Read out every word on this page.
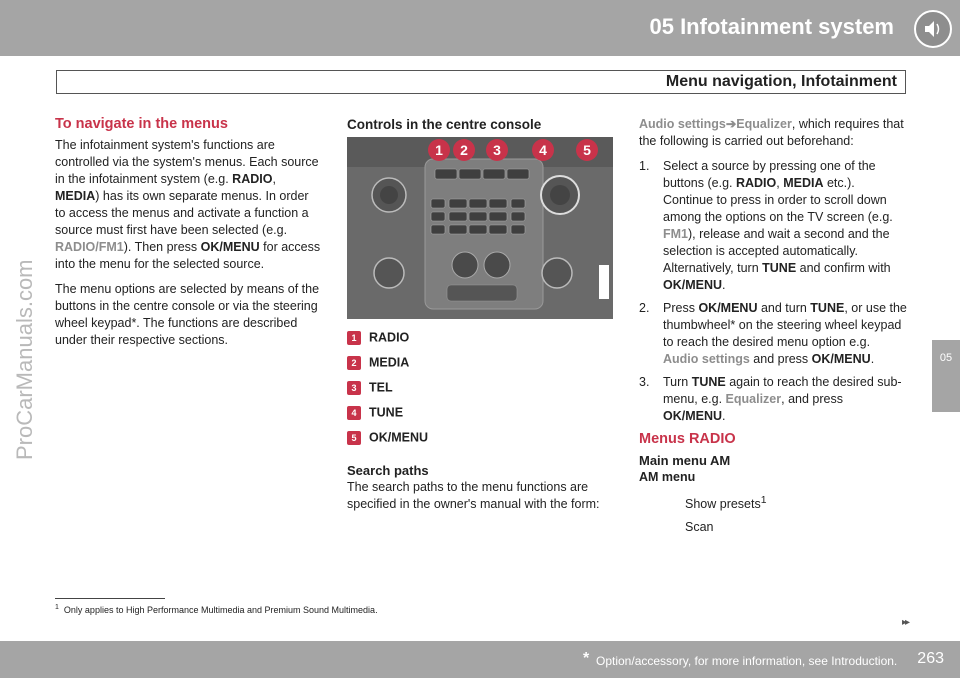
05 Infotainment system
Menu navigation, Infotainment
05
ProCarManuals.com
To navigate in the menus

The infotainment system's functions are controlled via the system's menus. Each source in the infotainment system (e.g. RADIO, MEDIA) has its own separate menus. In order to access the menus and activate a function a source must first have been selected (e.g. RADIO/FM1). Then press OK/MENU for access into the menu for the selected source.

The menu options are selected by means of the buttons in the centre console or via the steering wheel keypad*. The functions are described under their respective sections.

Controls in the centre console
1 2 3	4	5
1 RADIO
2 MEDIA
3 TEL
4 TUNE
5 OK/MENU
Search paths

The search paths to the menu functions are specified in the owner's manual with the form:

Audio settings➔Equalizer, which requires that the following is carried out beforehand:

1. Select a source by pressing one of the buttons (e.g. RADIO, MEDIA etc.). Continue to press in order to scroll down among the options on the TV screen (e.g. FM1), release and wait a second and the selection is accepted automatically. Alternatively, turn TUNE and confirm with OK/MENU.
2. Press OK/MENU and turn TUNE, or use the thumbwheel* on the steering wheel keypad to reach the desired menu option e.g. Audio settings and press OK/MENU.
3. Turn TUNE again to reach the desired sub-menu, e.g. Equalizer, and press OK/MENU.
Menus RADIO
Main menu AM
AM menu
Show presets$^1$
Scan
$^1$ Only applies to High Performance Multimedia and Premium Sound Multimedia.
▸▸
* Option/accessory, for more information, see Introduction. 263
